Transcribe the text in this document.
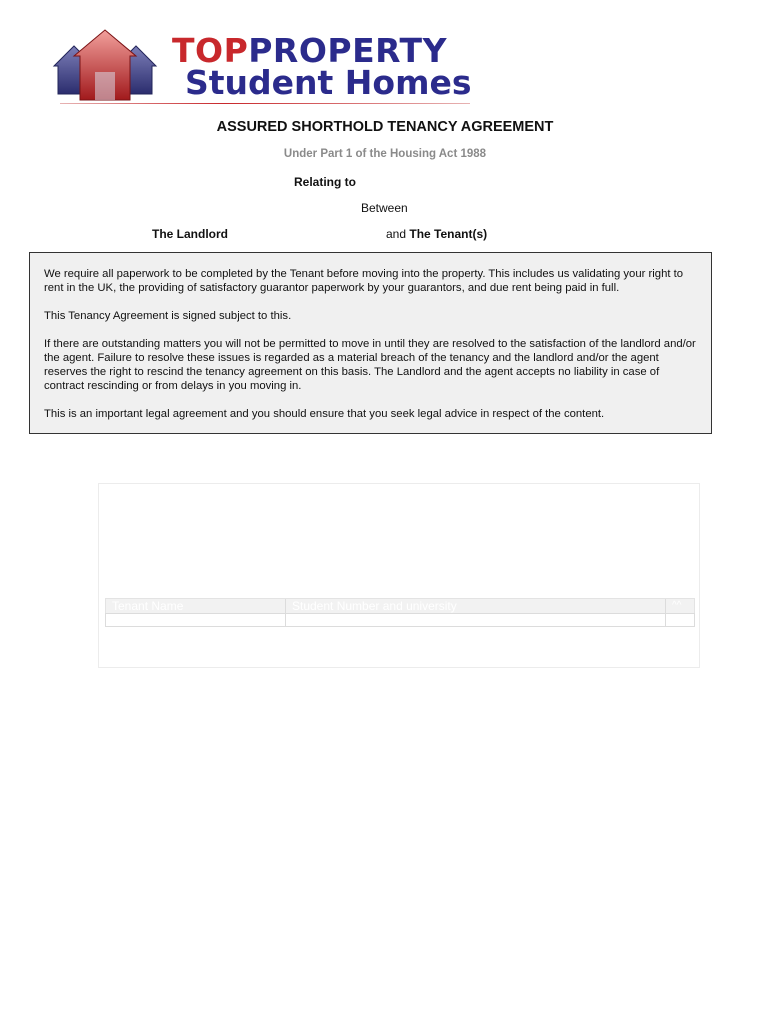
TOPPROPERTY
Student Homes
ASSURED SHORTHOLD TENANCY AGREEMENT
Under Part 1 of the Housing Act 1988
Relating to
Between
The Landlord	and The Tenant(s)

We require all paperwork to be completed by the Tenant before moving into the property. This includes us validating your right to rent in the UK, the providing of satisfactory guarantor paperwork by your guarantors, and due rent being paid in full.

This Tenancy Agreement is signed subject to this.

If there are outstanding matters you will not be permitted to move in until they are resolved to the satisfaction of the landlord and/or the agent. Failure to resolve these issues is regarded as a material breach of the tenancy and the landlord and/or the agent reserves the right to rescind the tenancy agreement on this basis. The Landlord and the agent accepts no liability in case of contract rescinding or from delays in you moving in.

This is an important legal agreement and you should ensure that you seek legal advice in respect of the content.

Tenant Name	Student Number and university	^^
